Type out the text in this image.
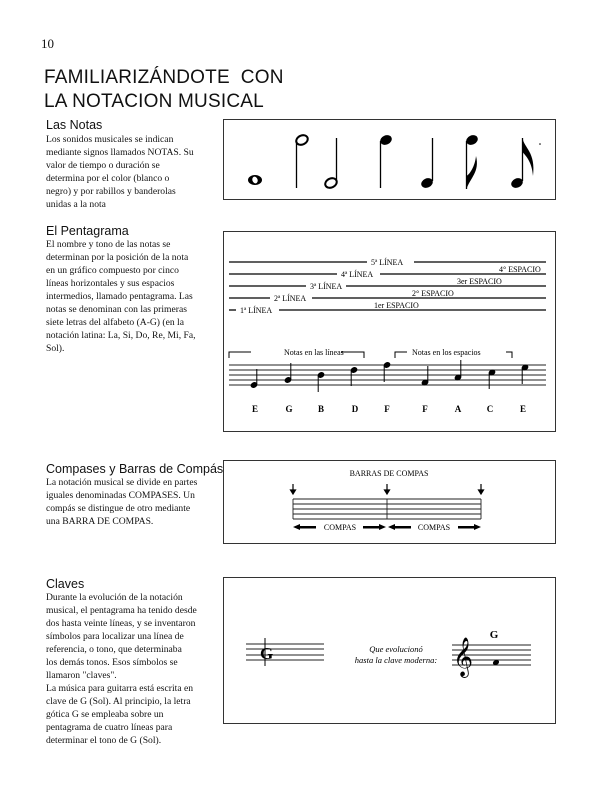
10
FAMILIARIZÁNDOTE  CON
LA NOTACION MUSICAL
Las Notas
Los sonidos musicales se indican
mediante signos llamados NOTAS. Su
valor de tiempo o duración se
determina por el color (blanco o
negro) y por rabillos y banderolas
unidas a la nota
El Pentagrama
El nombre y tono de las notas se
determinan por la posición de la nota
en un gráfico compuesto por cinco
líneas horizontales y sus espacios
intermedios, llamado pentagrama. Las
notas se denominan con las primeras
siete letras del alfabeto (A-G) (en la
notación latina: La, Si, Do, Re, Mi, Fa,
Sol).
5ª LÍNEA
4ª LÍNEA
3ª LÍNEA
2ª LÍNEA
1ª LÍNEA
4° ESPACIO
3er ESPACIO
2° ESPACIO
1er ESPACIO
Notas en las líneas	Notas en los espacios
E	G	B	D	F	F	A	C	E
Compases y Barras de Compás
La notación musical se divide en partes
iguales denominadas COMPASES. Un
compás se distingue de otro mediante
una BARRA DE COMPAS.
BARRAS DE COMPAS
COMPAS	COMPAS
Claves
Durante la evolución de la notación
musical, el pentagrama ha tenido desde
dos hasta veinte líneas, y se inventaron
símbolos para localizar una línea de
referencia, o tono, que determinaba
los demás tonos. Esos símbolos se
llamaron "claves".
La música para guitarra está escrita en
clave de G (Sol). Al principio, la letra
gótica G se empleaba sobre un
pentagrama de cuatro líneas para
determinar el tono de G (Sol).
G	Que evolucionó
hasta la clave moderna: 𝄞
G
